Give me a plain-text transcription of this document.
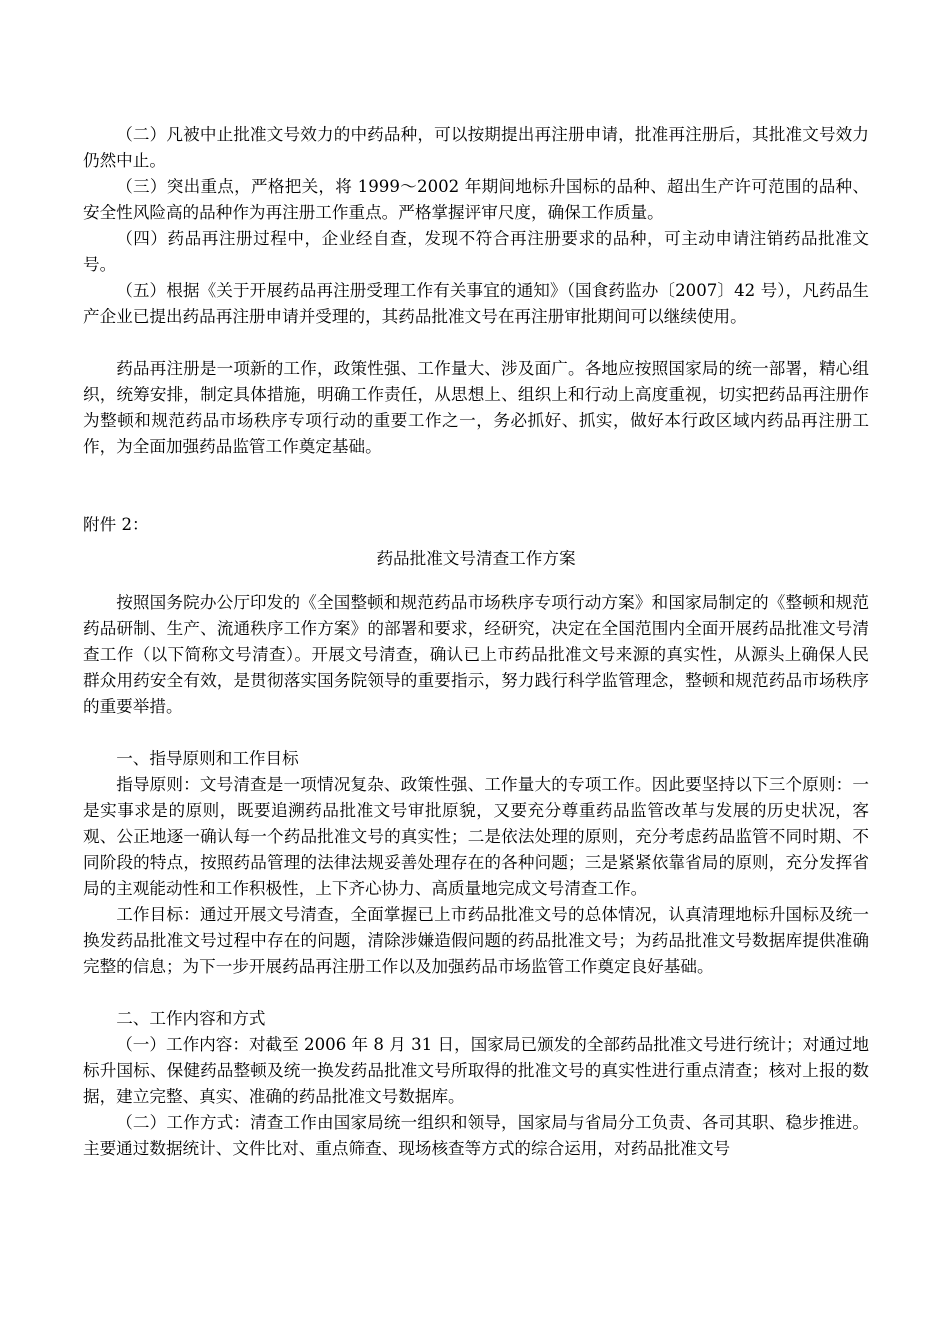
（二）凡被中止批准文号效力的中药品种，可以按期提出再注册申请，批准再注册后，其批准文号效力仍然中止。

（三）突出重点，严格把关，将 1999～2002 年期间地标升国标的品种、超出生产许可范围的品种、安全性风险高的品种作为再注册工作重点。严格掌握评审尺度，确保工作质量。

（四）药品再注册过程中，企业经自查，发现不符合再注册要求的品种，可主动申请注销药品批准文号。

（五）根据《关于开展药品再注册受理工作有关事宜的通知》（国食药监办〔2007〕42 号），凡药品生产企业已提出药品再注册申请并受理的，其药品批准文号在再注册审批期间可以继续使用。

药品再注册是一项新的工作，政策性强、工作量大、涉及面广。各地应按照国家局的统一部署，精心组织，统筹安排，制定具体措施，明确工作责任，从思想上、组织上和行动上高度重视，切实把药品再注册作为整顿和规范药品市场秩序专项行动的重要工作之一，务必抓好、抓实，做好本行政区域内药品再注册工作，为全面加强药品监管工作奠定基础。

附件 2：

药品批准文号清查工作方案

按照国务院办公厅印发的《全国整顿和规范药品市场秩序专项行动方案》和国家局制定的《整顿和规范药品研制、生产、流通秩序工作方案》的部署和要求，经研究，决定在全国范围内全面开展药品批准文号清查工作（以下简称文号清查）。开展文号清查，确认已上市药品批准文号来源的真实性，从源头上确保人民群众用药安全有效，是贯彻落实国务院领导的重要指示，努力践行科学监管理念，整顿和规范药品市场秩序的重要举措。

一、指导原则和工作目标

指导原则：文号清查是一项情况复杂、政策性强、工作量大的专项工作。因此要坚持以下三个原则：一是实事求是的原则，既要追溯药品批准文号审批原貌，又要充分尊重药品监管改革与发展的历史状况，客观、公正地逐一确认每一个药品批准文号的真实性；二是依法处理的原则，充分考虑药品监管不同时期、不同阶段的特点，按照药品管理的法律法规妥善处理存在的各种问题；三是紧紧依靠省局的原则，充分发挥省局的主观能动性和工作积极性，上下齐心协力、高质量地完成文号清查工作。

工作目标：通过开展文号清查，全面掌握已上市药品批准文号的总体情况，认真清理地标升国标及统一换发药品批准文号过程中存在的问题，清除涉嫌造假问题的药品批准文号；为药品批准文号数据库提供准确完整的信息；为下一步开展药品再注册工作以及加强药品市场监管工作奠定良好基础。

二、工作内容和方式

（一）工作内容：对截至 2006 年 8 月 31 日，国家局已颁发的全部药品批准文号进行统计；对通过地标升国标、保健药品整顿及统一换发药品批准文号所取得的批准文号的真实性进行重点清查；核对上报的数据，建立完整、真实、准确的药品批准文号数据库。

（二）工作方式：清查工作由国家局统一组织和领导，国家局与省局分工负责、各司其职、稳步推进。主要通过数据统计、文件比对、重点筛查、现场核查等方式的综合运用，对药品批准文号
